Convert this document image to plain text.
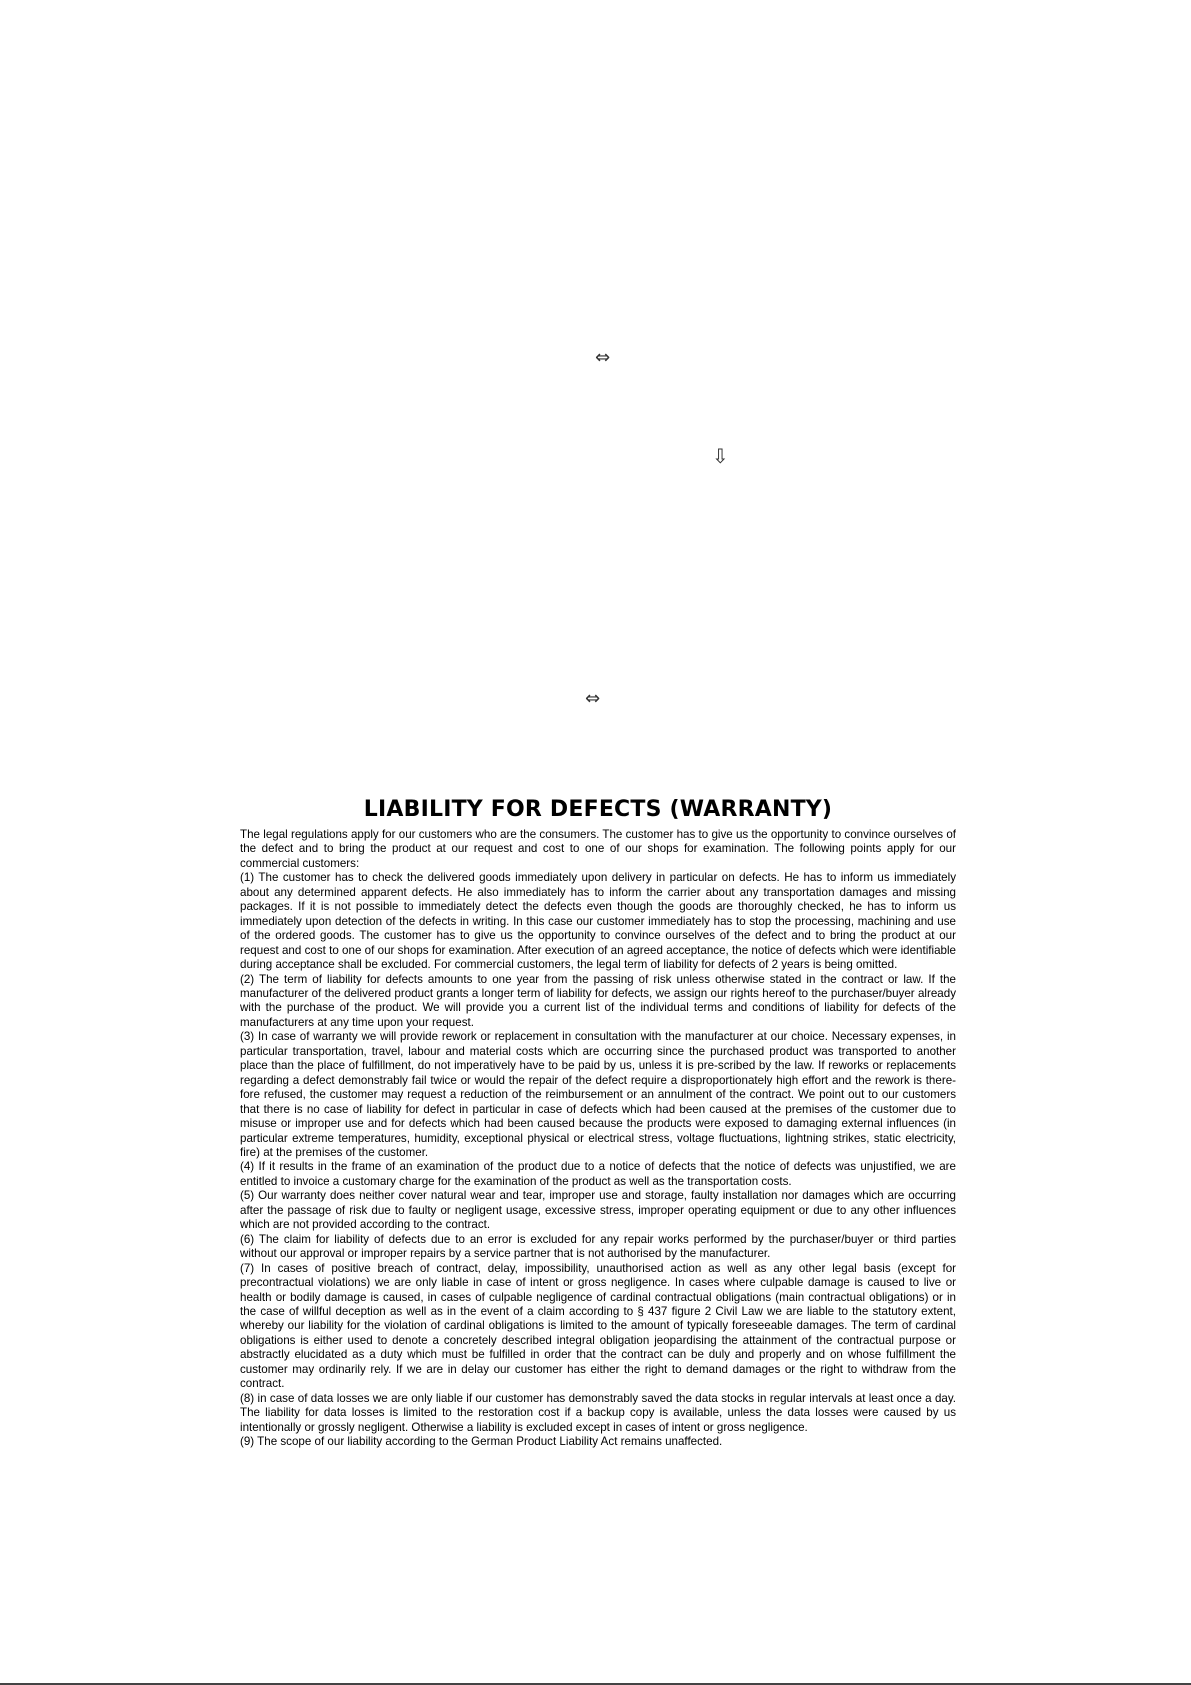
⇔
⇩
⇔
LIABILITY FOR DEFECTS (WARRANTY)

The legal regulations apply for our customers who are the consumers. The customer has to give us the opportunity to convince ourselves of the defect and to bring the product at our request and cost to one of our shops for examination. The following points apply for our commercial customers:

(1) The customer has to check the delivered goods immediately upon delivery in particular on defects. He has to inform us immediately about any determined apparent defects. He also immediately has to inform the carrier about any transportation damages and missing packages. If it is not possible to immediately detect the defects even though the goods are thoroughly checked, he has to inform us immediately upon detection of the defects in writing. In this case our customer immediately has to stop the processing, machining and use of the ordered goods. The customer has to give us the opportunity to convince ourselves of the defect and to bring the product at our request and cost to one of our shops for examination. After execution of an agreed acceptance, the notice of defects which were identifiable during acceptance shall be excluded. For commercial customers, the legal term of liability for defects of 2 years is being omitted.

(2) The term of liability for defects amounts to one year from the passing of risk unless otherwise stated in the contract or law. If the manufacturer of the delivered product grants a longer term of liability for defects, we assign our rights hereof to the purchaser/buyer already with the purchase of the product. We will provide you a current list of the individual terms and conditions of liability for defects of the manufacturers at any time upon your request.

(3) In case of warranty we will provide rework or replacement in consultation with the manufacturer at our choice. Necessary expenses, in particular transportation, travel, labour and material costs which are occurring since the purchased product was transported to another place than the place of fulfillment, do not imperatively have to be paid by us, unless it is pre-scribed by the law. If reworks or replacements regarding a defect demonstrably fail twice or would the repair of the defect require a disproportionately high effort and the rework is there-fore refused, the customer may request a reduction of the reimbursement or an annulment of the contract. We point out to our customers that there is no case of liability for defect in particular in case of defects which had been caused at the premises of the customer due to misuse or improper use and for defects which had been caused because the products were exposed to damaging external influences (in particular extreme temperatures, humidity, exceptional physical or electrical stress, voltage fluctuations, lightning strikes, static electricity, fire) at the premises of the customer.

(4) If it results in the frame of an examination of the product due to a notice of defects that the notice of defects was unjustified, we are entitled to invoice a customary charge for the examination of the product as well as the transportation costs.

(5) Our warranty does neither cover natural wear and tear, improper use and storage, faulty installation nor damages which are occurring after the passage of risk due to faulty or negligent usage, excessive stress, improper operating equipment or due to any other influences which are not provided according to the contract.

(6) The claim for liability of defects due to an error is excluded for any repair works performed by the purchaser/buyer or third parties without our approval or improper repairs by a service partner that is not authorised by the manufacturer.

(7) In cases of positive breach of contract, delay, impossibility, unauthorised action as well as any other legal basis (except for precontractual violations) we are only liable in case of intent or gross negligence. In cases where culpable damage is caused to live or health or bodily damage is caused, in cases of culpable negligence of cardinal contractual obligations (main contractual obligations) or in the case of willful deception as well as in the event of a claim according to § 437 figure 2 Civil Law we are liable to the statutory extent, whereby our liability for the violation of cardinal obligations is limited to the amount of typically foreseeable damages. The term of cardinal obligations is either used to denote a concretely described integral obligation jeopardising the attainment of the contractual purpose or abstractly elucidated as a duty which must be fulfilled in order that the contract can be duly and properly and on whose fulfillment the customer may ordinarily rely. If we are in delay our customer has either the right to demand damages or the right to withdraw from the contract.

(8) in case of data losses we are only liable if our customer has demonstrably saved the data stocks in regular intervals at least once a day. The liability for data losses is limited to the restoration cost if a backup copy is available, unless the data losses were caused by us intentionally or grossly negligent. Otherwise a liability is excluded except in cases of intent or gross negligence.

(9) The scope of our liability according to the German Product Liability Act remains unaffected.
